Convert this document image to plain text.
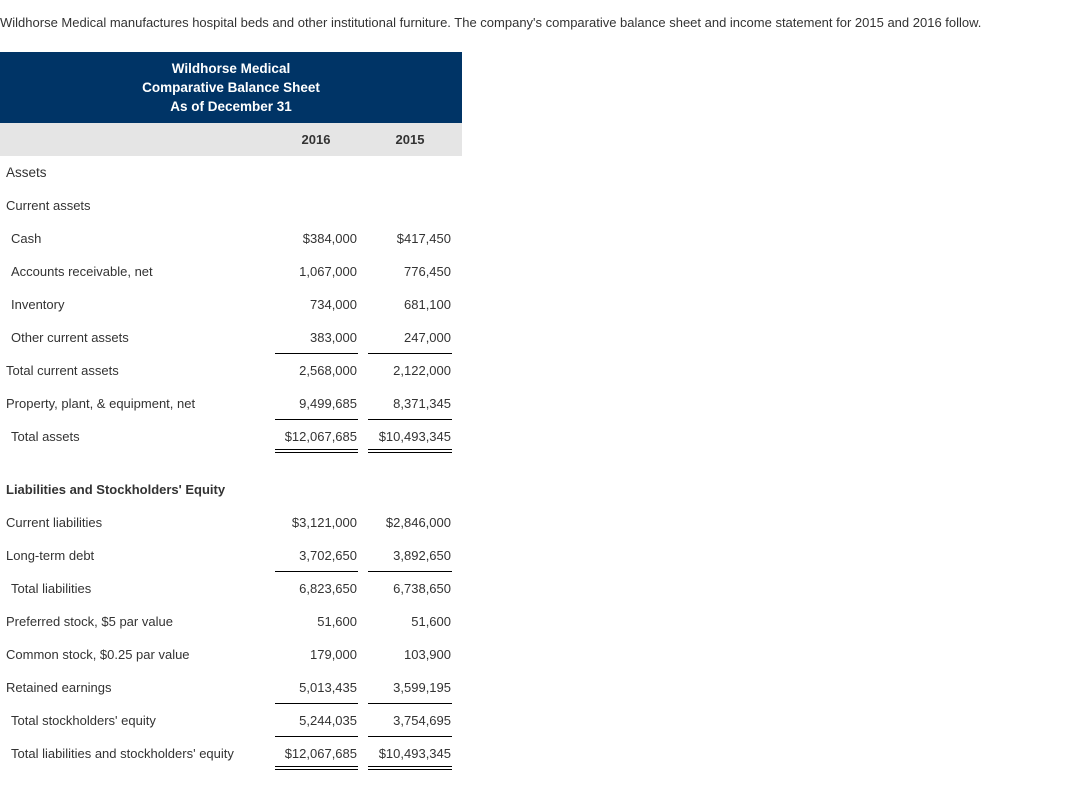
Wildhorse Medical manufactures hospital beds and other institutional furniture. The company's comparative balance sheet and income statement for 2015 and 2016 follow.
Wildhorse Medical
Comparative Balance Sheet
As of December 31
2016	2015
Assets
Current assets
Cash	$384,000	$417,450
Accounts receivable, net	1,067,000	776,450
Inventory	734,000	681,100
Other current assets	383,000	247,000
Total current assets	2,568,000	2,122,000
Property, plant, & equipment, net	9,499,685	8,371,345
Total assets	$12,067,685 $10,493,345
Liabilities and Stockholders' Equity
Current liabilities	$3,121,000 $2,846,000
Long-term debt	3,702,650	3,892,650
Total liabilities	6,823,650	6,738,650
Preferred stock, $5 par value	51,600	51,600
Common stock, $0.25 par value	179,000	103,900
Retained earnings	5,013,435	3,599,195
Total stockholders' equity	5,244,035	3,754,695
Total liabilities and stockholders' equity	$12,067,685 $10,493,345
